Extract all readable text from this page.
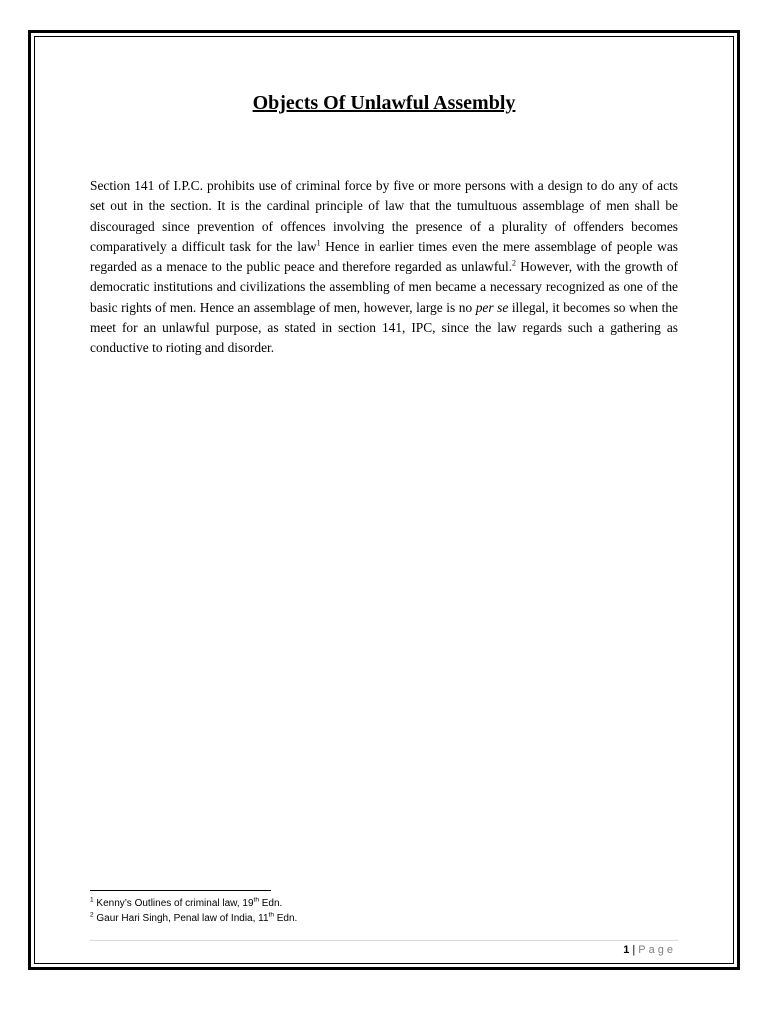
Objects Of Unlawful Assembly

Section 141 of I.P.C. prohibits use of criminal force by five or more persons with a design to do any of acts set out in the section. It is the cardinal principle of law that the tumultuous assemblage of men shall be discouraged since prevention of offences involving the presence of a plurality of offenders becomes comparatively a difficult task for the law$^1$ Hence in earlier times even the mere assemblage of people was regarded as a menace to the public peace and therefore regarded as unlawful.$^2$ However, with the growth of democratic institutions and civilizations the assembling of men became a necessary recognized as one of the basic rights of men. Hence an assemblage of men, however, large is no per se illegal, it becomes so when the meet for an unlawful purpose, as stated in section 141, IPC, since the law regards such a gathering as conductive to rioting and disorder.

$^1$ Kenny’s Outlines of criminal law, 19th Edn.
$^2$ Gaur Hari Singh, Penal law of India, 11th Edn.
1 | Page
